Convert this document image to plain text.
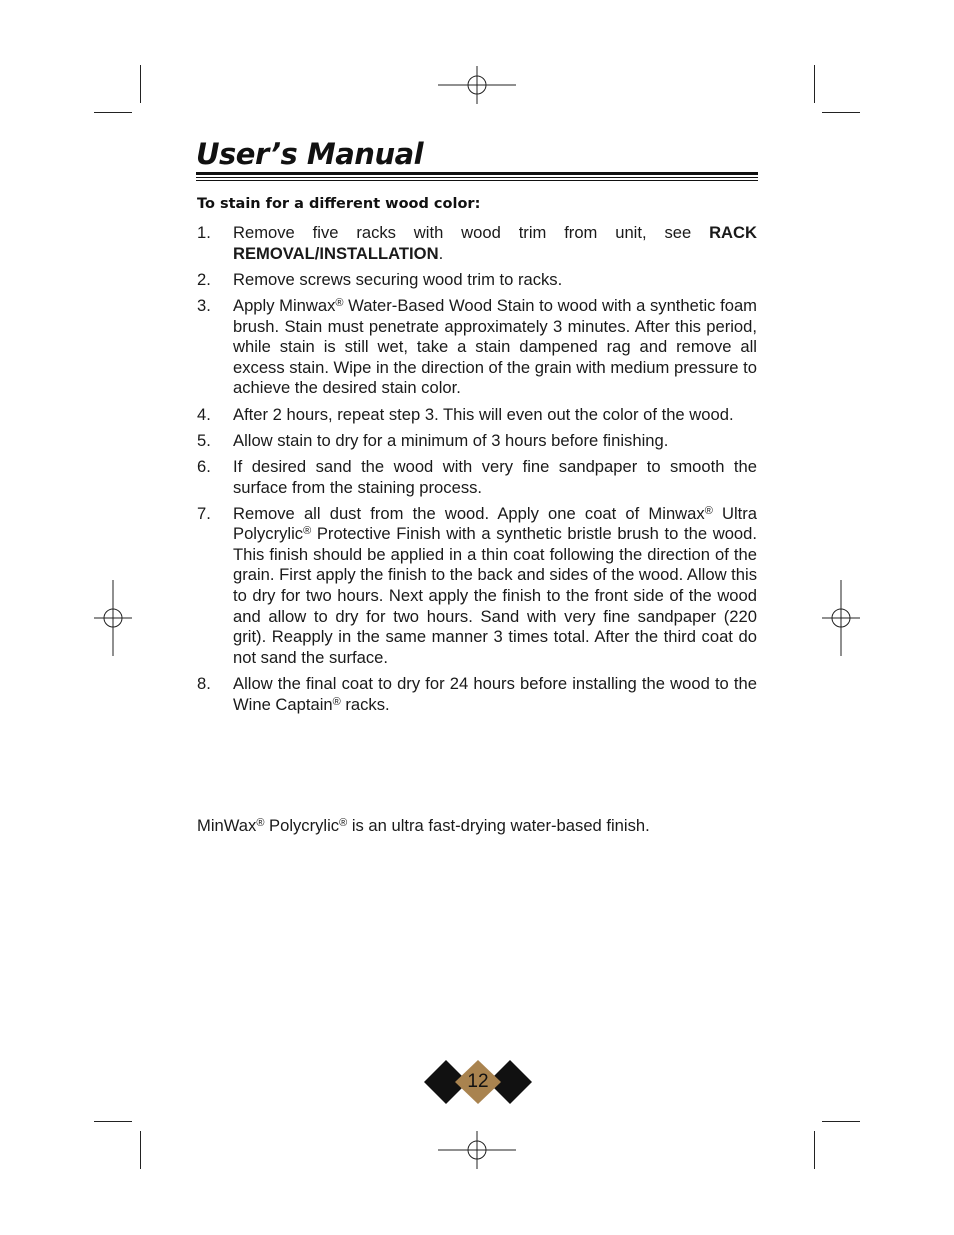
User’s Manual
To stain for a different wood color:
1. Remove five racks with wood trim from unit, see RACK REMOVAL/INSTALLATION.
2. Remove screws securing wood trim to racks.
3. Apply Minwax® Water-Based Wood Stain to wood with a synthetic foam brush. Stain must penetrate approximately 3 minutes. After this period, while stain is still wet, take a stain dampened rag and remove all excess stain. Wipe in the direction of the grain with medium pressure to achieve the desired stain color.
4. After 2 hours, repeat step 3. This will even out the color of the wood.
5. Allow stain to dry for a minimum of 3 hours before finishing.
6. If desired sand the wood with very fine sandpaper to smooth the surface from the staining process.
7. Remove all dust from the wood. Apply one coat of Minwax® Ultra Polycrylic® Protective Finish with a synthetic bristle brush to the wood. This finish should be applied in a thin coat following the direction of the grain. First apply the finish to the back and sides of the wood. Allow this to dry for two hours. Next apply the finish to the front side of the wood and allow to dry for two hours. Sand with very fine sandpaper (220 grit). Reapply in the same manner 3 times total. After the third coat do not sand the surface.
8. Allow the final coat to dry for 24 hours before installing the wood to the Wine Captain® racks.

MinWax® Polycrylic® is an ultra fast-drying water-based finish.

12
